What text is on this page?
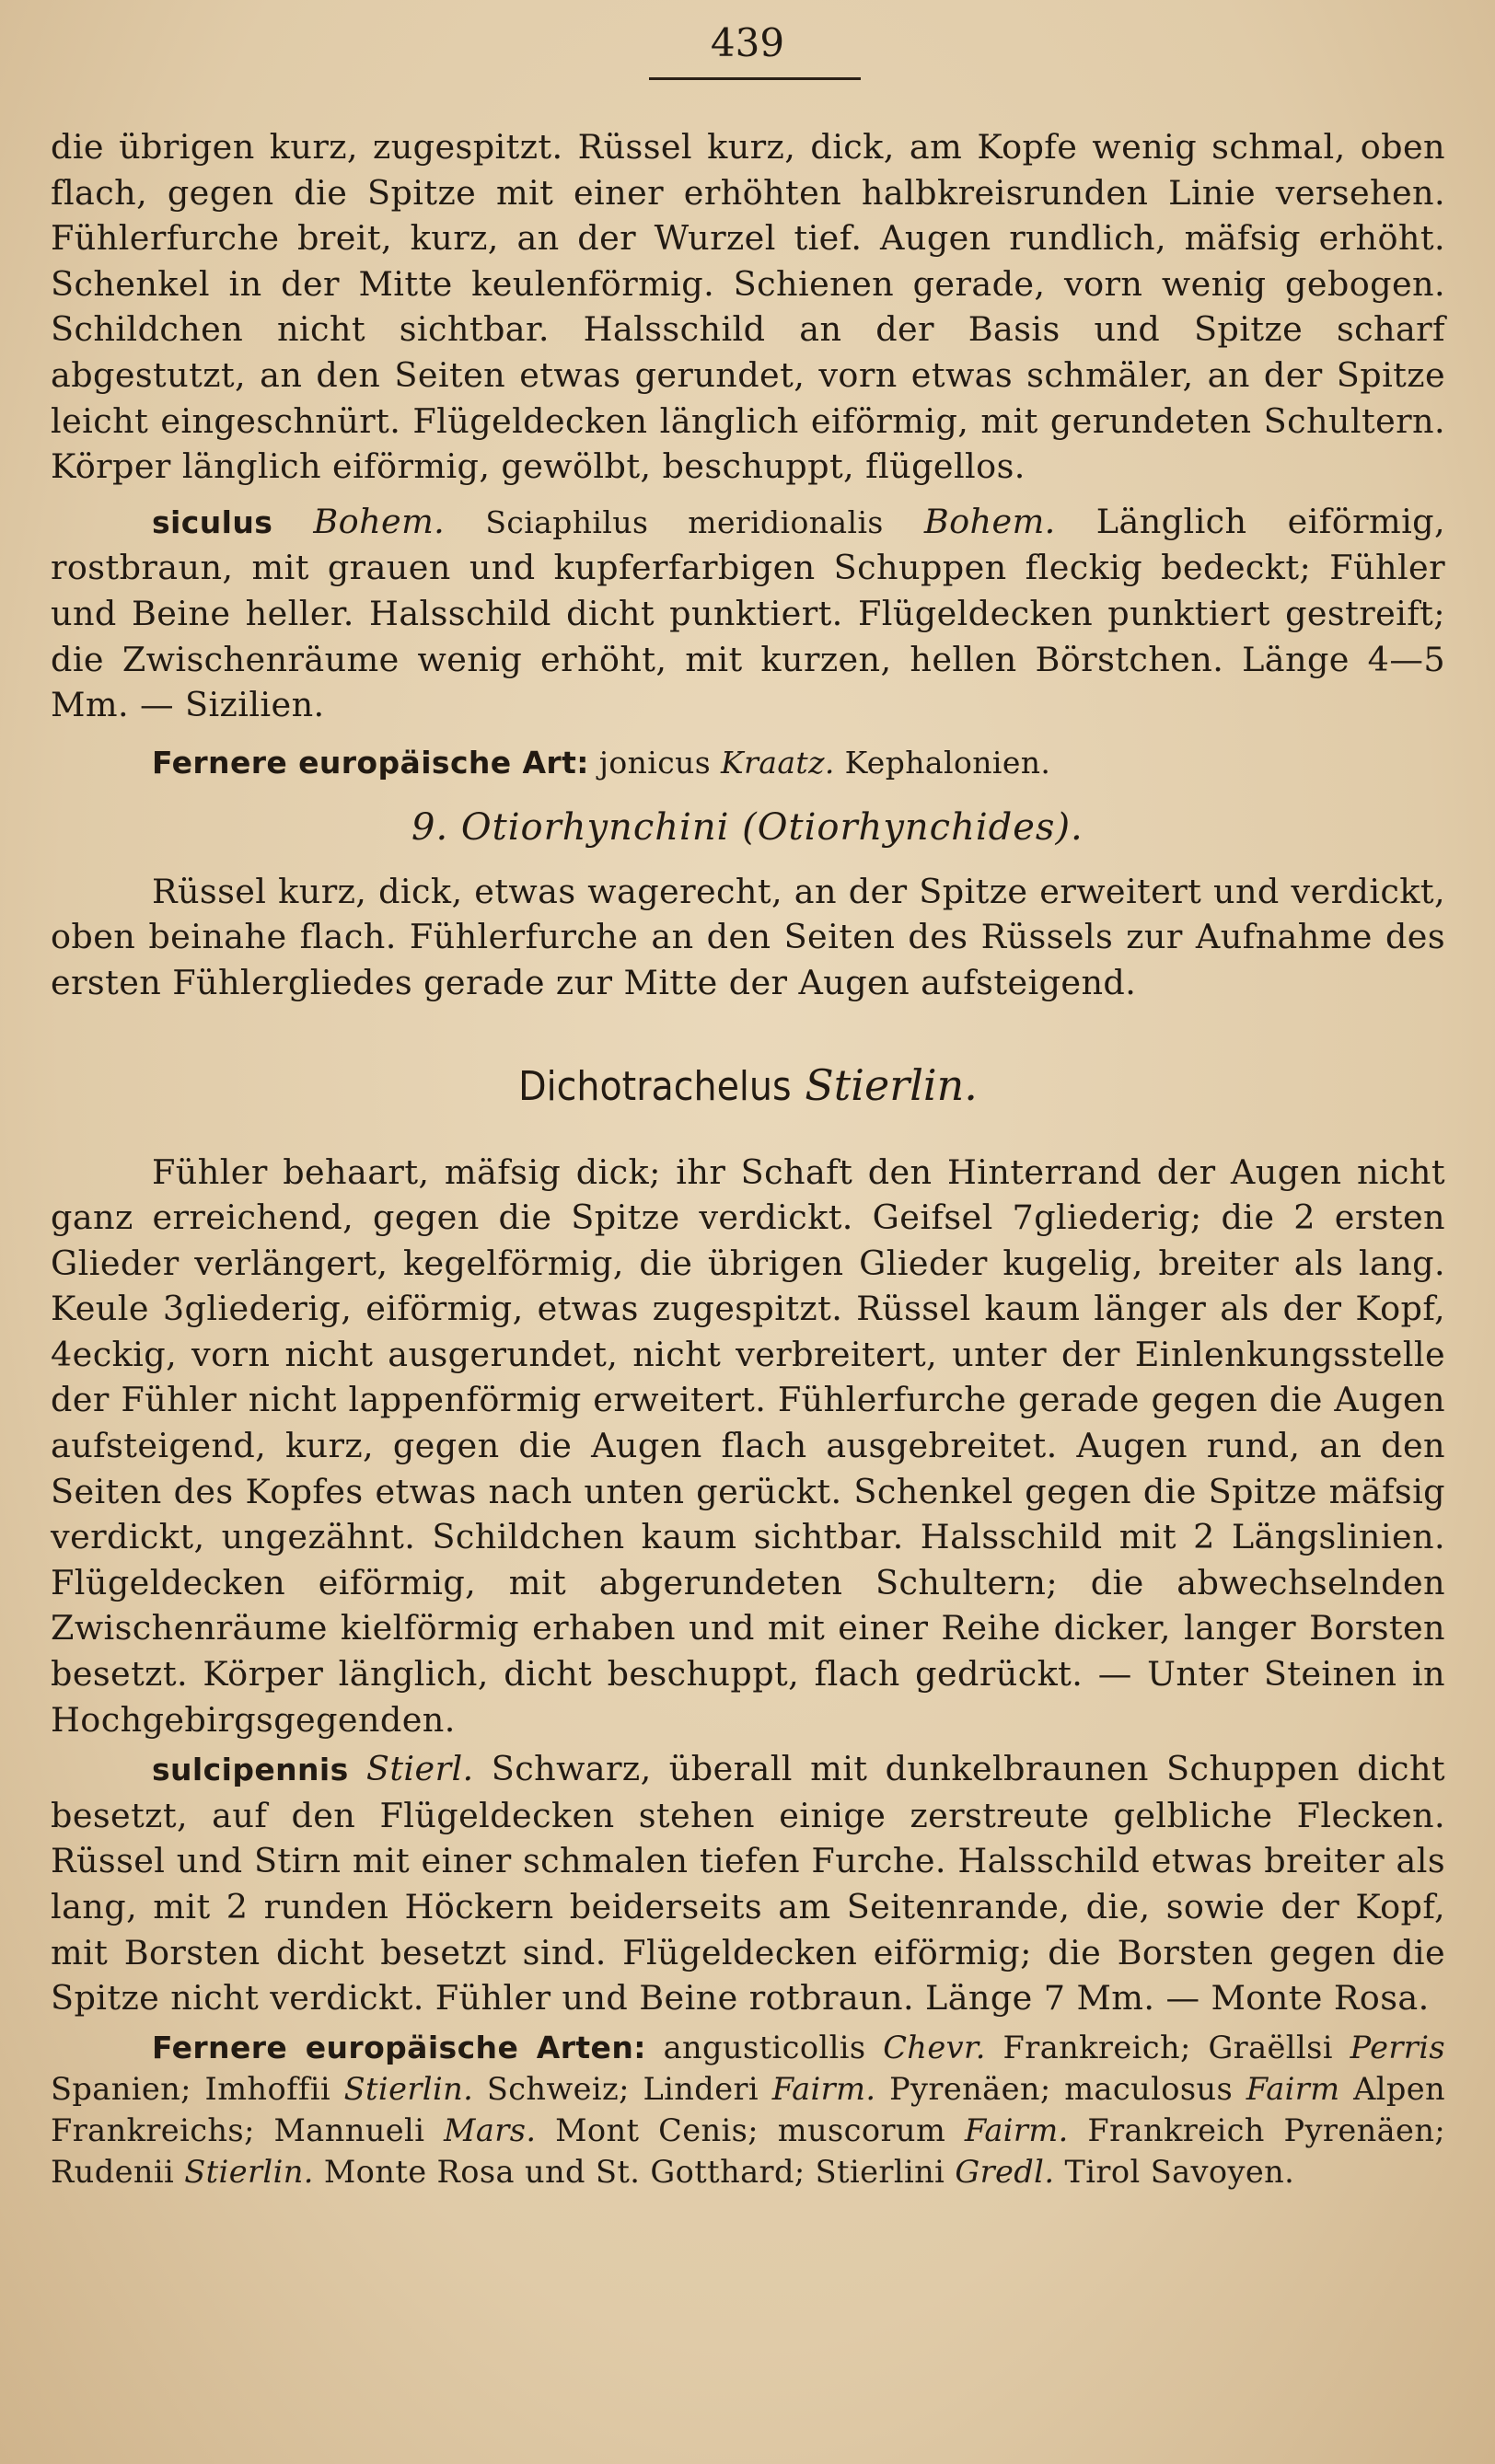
439

die übrigen kurz, zugespitzt. Rüssel kurz, dick, am Kopfe wenig schmal, oben flach, gegen die Spitze mit einer erhöhten halbkreisrunden Linie versehen. Fühlerfurche breit, kurz, an der Wurzel tief. Augen rundlich, mäfsig erhöht. Schenkel in der Mitte keulenförmig. Schienen gerade, vorn wenig gebogen. Schildchen nicht sichtbar. Halsschild an der Basis und Spitze scharf abgestutzt, an den Seiten etwas gerundet, vorn etwas schmäler, an der Spitze leicht eingeschnürt. Flügeldecken länglich eiförmig, mit gerundeten Schultern. Körper länglich eiförmig, gewölbt, beschuppt, flügellos.

siculus Bohem. Sciaphilus meridionalis Bohem. Länglich eiförmig, rostbraun, mit grauen und kupferfarbigen Schuppen fleckig bedeckt; Fühler und Beine heller. Halsschild dicht punktiert. Flügeldecken punktiert gestreift; die Zwischenräume wenig erhöht, mit kurzen, hellen Börstchen. Länge 4—5 Mm. — Sizilien.

Fernere europäische Art: jonicus Kraatz. Kephalonien.

9. Otiorhynchini (Otiorhynchides).

Rüssel kurz, dick, etwas wagerecht, an der Spitze erweitert und verdickt, oben beinahe flach. Fühlerfurche an den Seiten des Rüssels zur Aufnahme des ersten Fühlergliedes gerade zur Mitte der Augen aufsteigend.

Dichotrachelus Stierlin.

Fühler behaart, mäfsig dick; ihr Schaft den Hinterrand der Augen nicht ganz erreichend, gegen die Spitze verdickt. Geifsel 7gliederig; die 2 ersten Glieder verlängert, kegelförmig, die übrigen Glieder kugelig, breiter als lang. Keule 3gliederig, eiförmig, etwas zugespitzt. Rüssel kaum länger als der Kopf, 4eckig, vorn nicht ausgerundet, nicht verbreitert, unter der Einlenkungsstelle der Fühler nicht lappenförmig erweitert. Fühlerfurche gerade gegen die Augen aufsteigend, kurz, gegen die Augen flach ausgebreitet. Augen rund, an den Seiten des Kopfes etwas nach unten gerückt. Schenkel gegen die Spitze mäfsig verdickt, ungezähnt. Schildchen kaum sichtbar. Halsschild mit 2 Längslinien. Flügeldecken eiförmig, mit abgerundeten Schultern; die abwechselnden Zwischenräume kielförmig erhaben und mit einer Reihe dicker, langer Borsten besetzt. Körper länglich, dicht beschuppt, flach gedrückt. — Unter Steinen in Hochgebirgsgegenden.

sulcipennis Stierl. Schwarz, überall mit dunkelbraunen Schuppen dicht besetzt, auf den Flügeldecken stehen einige zerstreute gelbliche Flecken. Rüssel und Stirn mit einer schmalen tiefen Furche. Halsschild etwas breiter als lang, mit 2 runden Höckern beiderseits am Seitenrande, die, sowie der Kopf, mit Borsten dicht besetzt sind. Flügeldecken eiförmig; die Borsten gegen die Spitze nicht verdickt. Fühler und Beine rotbraun. Länge 7 Mm. — Monte Rosa.

Fernere europäische Arten: angusticollis Chevr. Frankreich; Graëllsi Perris Spanien; Imhoffii Stierlin. Schweiz; Linderi Fairm. Pyrenäen; maculosus Fairm Alpen Frankreichs; Mannueli Mars. Mont Cenis; muscorum Fairm. Frankreich Pyrenäen; Rudenii Stierlin. Monte Rosa und St. Gotthard; Stierlini Gredl. Tirol Savoyen.
